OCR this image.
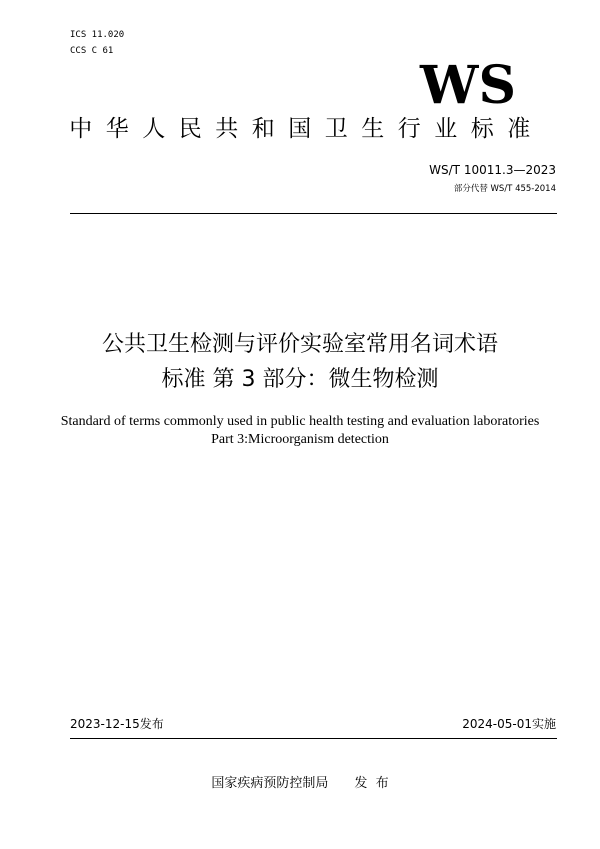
ICS 11.020
CCS C 61
WS
中华人民共和国卫生行业标准
WS/T 10011.3—2023
部分代替 WS/T 455-2014
公共卫生检测与评价实验室常用名词术语
标准 第 3 部分：微生物检测
Standard of terms commonly used in public health testing and evaluation laboratories
Part 3:Microorganism detection
2023-12-15发布	2024-05-01实施
国家疾病预防控制局 发  布
